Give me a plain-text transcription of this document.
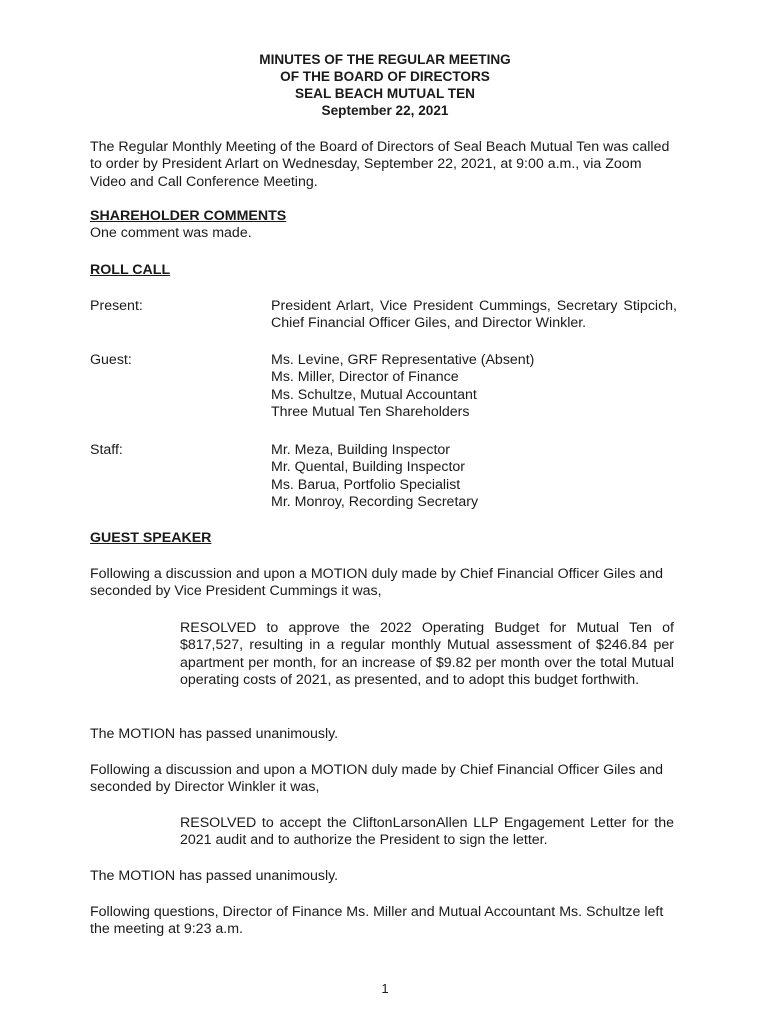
MINUTES OF THE REGULAR MEETING
OF THE BOARD OF DIRECTORS
SEAL BEACH MUTUAL TEN
September 22, 2021

The Regular Monthly Meeting of the Board of Directors of Seal Beach Mutual Ten was called to order by President Arlart on Wednesday, September 22, 2021, at 9:00 a.m., via Zoom Video and Call Conference Meeting.

SHAREHOLDER COMMENTS

One comment was made.

ROLL CALL

Present:	President Arlart, Vice President Cummings, Secretary Stipcich, Chief Financial Officer Giles, and Director Winkler.
Guest:	Ms. Levine, GRF Representative (Absent)
Ms. Miller, Director of Finance
Ms. Schultze, Mutual Accountant
Three Mutual Ten Shareholders
Staff:	Mr. Meza, Building Inspector
Mr. Quental, Building Inspector
Ms. Barua, Portfolio Specialist
Mr. Monroy, Recording Secretary

GUEST SPEAKER

Following a discussion and upon a MOTION duly made by Chief Financial Officer Giles and seconded by Vice President Cummings it was,

RESOLVED to approve the 2022 Operating Budget for Mutual Ten of $817,527, resulting in a regular monthly Mutual assessment of $246.84 per apartment per month, for an increase of $9.82 per month over the total Mutual operating costs of 2021, as presented, and to adopt this budget forthwith.

The MOTION has passed unanimously.

Following a discussion and upon a MOTION duly made by Chief Financial Officer Giles and seconded by Director Winkler it was,

RESOLVED to accept the CliftonLarsonAllen LLP Engagement Letter for the 2021 audit and to authorize the President to sign the letter.

The MOTION has passed unanimously.

Following questions, Director of Finance Ms. Miller and Mutual Accountant Ms. Schultze left the meeting at 9:23 a.m.

1
